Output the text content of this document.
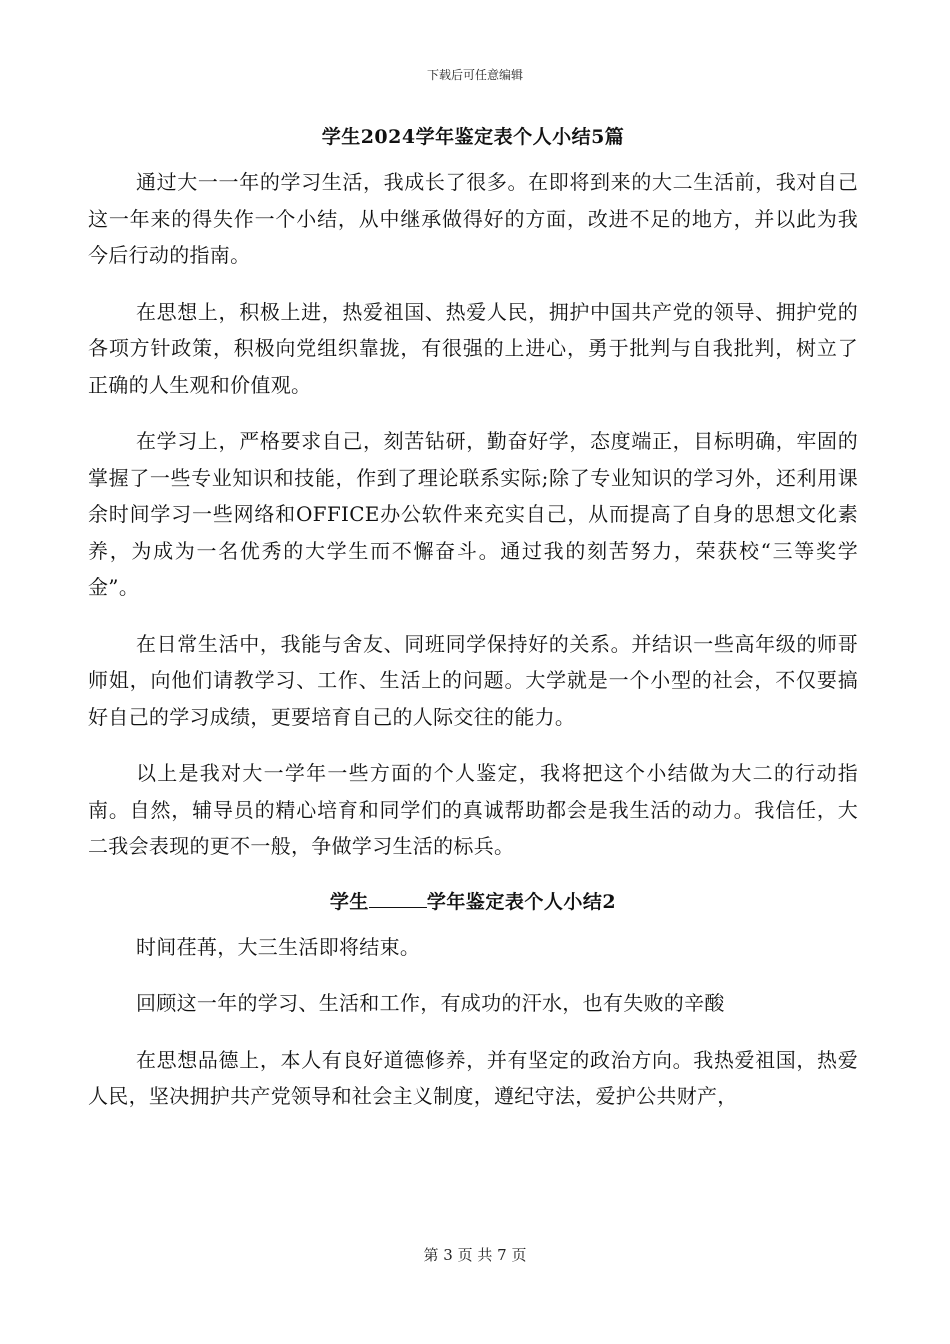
下载后可任意编辑
学生2024学年鉴定表个人小结5篇

通过大一一年的学习生活，我成长了很多。在即将到来的大二生活前，我对自己这一年来的得失作一个小结，从中继承做得好的方面，改进不足的地方，并以此为我今后行动的指南。

在思想上，积极上进，热爱祖国、热爱人民，拥护中国共产党的领导、拥护党的各项方针政策，积极向党组织靠拢，有很强的上进心，勇于批判与自我批判，树立了正确的人生观和价值观。

在学习上，严格要求自己，刻苦钻研，勤奋好学，态度端正，目标明确，牢固的掌握了一些专业知识和技能，作到了理论联系实际;除了专业知识的学习外，还利用课余时间学习一些网络和OFFICE办公软件来充实自己，从而提高了自身的思想文化素养，为成为一名优秀的大学生而不懈奋斗。通过我的刻苦努力，荣获校“三等奖学金”。

在日常生活中，我能与舍友、同班同学保持好的关系。并结识一些高年级的师哥师姐，向他们请教学习、工作、生活上的问题。大学就是一个小型的社会，不仅要搞好自己的学习成绩，更要培育自己的人际交往的能力。

以上是我对大一学年一些方面的个人鉴定，我将把这个小结做为大二的行动指南。自然，辅导员的精心培育和同学们的真诚帮助都会是我生活的动力。我信任，大二我会表现的更不一般，争做学习生活的标兵。

学生	学年鉴定表个人小结2

时间荏苒，大三生活即将结束。

回顾这一年的学习、生活和工作，有成功的汗水，也有失败的辛酸

在思想品德上，本人有良好道德修养，并有坚定的政治方向。我热爱祖国，热爱人民，坚决拥护共产党领导和社会主义制度，遵纪守法，爱护公共财产，

第 3 页 共 7 页
